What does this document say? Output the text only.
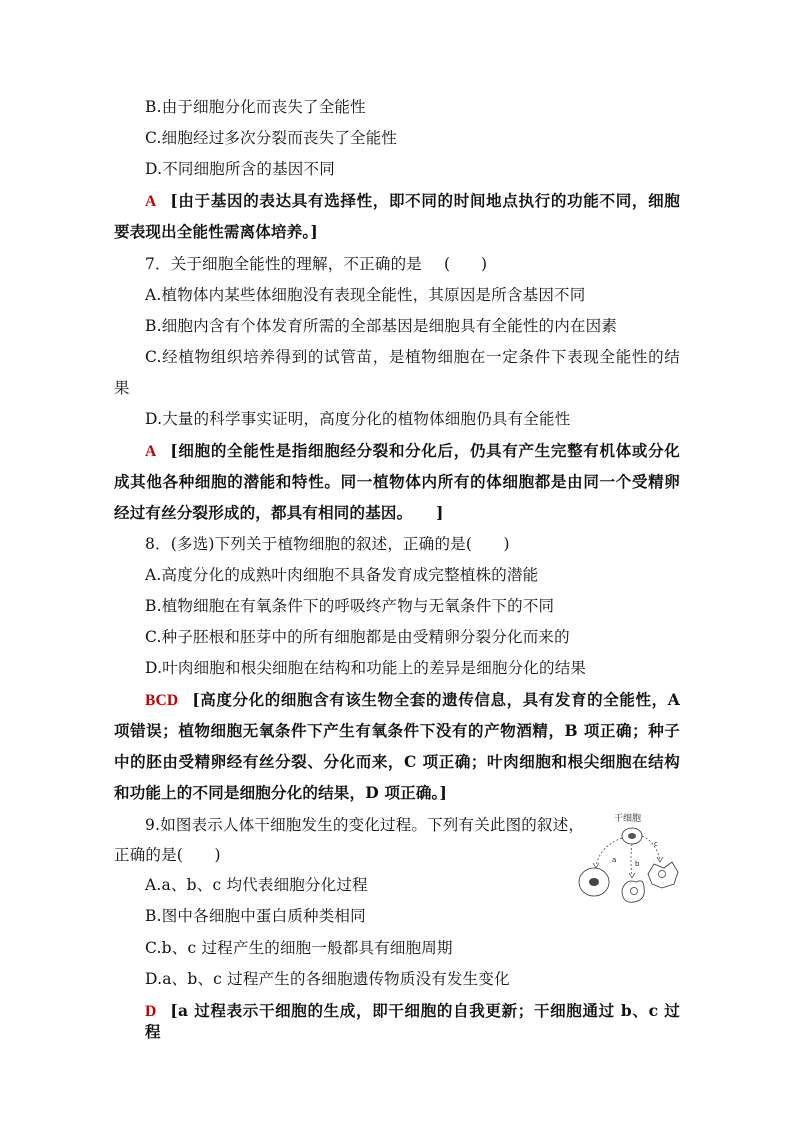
B.由于细胞分化而丧失了全能性
C.细胞经过多次分裂而丧失了全能性
D.不同细胞所含的基因不同
A [由于基因的表达具有选择性，即不同的时间地点执行的功能不同，细胞
要表现出全能性需离体培养。]
7．关于细胞全能性的理解，不正确的是 (　　)
A.植物体内某些体细胞没有表现全能性，其原因是所含基因不同
B.细胞内含有个体发育所需的全部基因是细胞具有全能性的内在因素
C.经植物组织培养得到的试管苗，是植物细胞在一定条件下表现全能性的结
果
D.大量的科学事实证明，高度分化的植物体细胞仍具有全能性
A [细胞的全能性是指细胞经分裂和分化后，仍具有产生完整有机体或分化
成其他各种细胞的潜能和特性。同一植物体内所有的体细胞都是由同一个受精卵
经过有丝分裂形成的，都具有相同的基因。　　]
8．(多选)下列关于植物细胞的叙述，正确的是(　　)
A.高度分化的成熟叶肉细胞不具备发育成完整植株的潜能
B.植物细胞在有氧条件下的呼吸终产物与无氧条件下的不同
C.种子胚根和胚芽中的所有细胞都是由受精卵分裂分化而来的
D.叶肉细胞和根尖细胞在结构和功能上的差异是细胞分化的结果
BCD [高度分化的细胞含有该生物全套的遗传信息，具有发育的全能性，A
项错误；植物细胞无氧条件下产生有氧条件下没有的产物酒精，B 项正确；种子
中的胚由受精卵经有丝分裂、分化而来，C 项正确；叶肉细胞和根尖细胞在结构
和功能上的不同是细胞分化的结果，D 项正确。]
9.如图表示人体干细胞发生的变化过程。下列有关此图的叙述，
正确的是(　　)
A.a、b、c 均代表细胞分化过程
B.图中各细胞中蛋白质种类相同
C.b、c 过程产生的细胞一般都具有细胞周期
D.a、b、c 过程产生的各细胞遗传物质没有发生变化
D [a 过程表示干细胞的生成，即干细胞的自我更新；干细胞通过 b、c 过程
干细胞
a	b
c
